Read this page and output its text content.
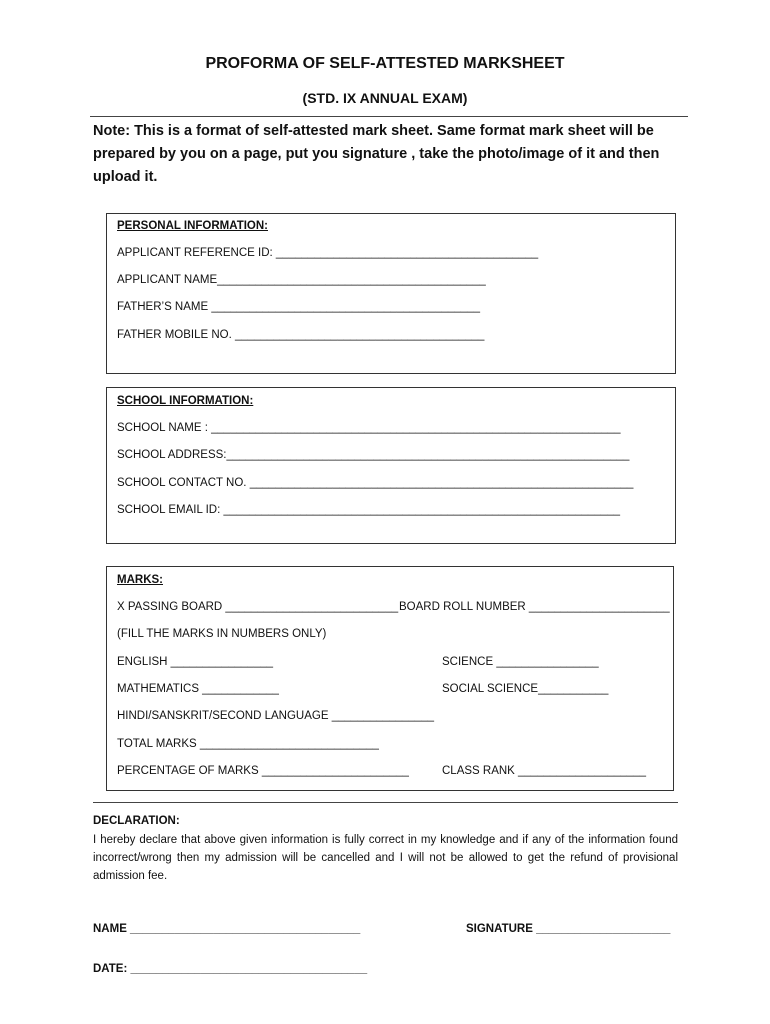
PROFORMA OF SELF-ATTESTED MARKSHEET
(STD. IX ANNUAL EXAM)
Note: This is a format of self-attested mark sheet. Same format mark sheet will be prepared by you on a page, put you signature , take the photo/image of it and then upload it.
PERSONAL INFORMATION:
APPLICANT REFERENCE ID: _________________________________________
APPLICANT NAME__________________________________________
FATHER’S NAME __________________________________________
FATHER MOBILE NO. _______________________________________
SCHOOL INFORMATION:
SCHOOL NAME : ________________________________________________________________
SCHOOL ADDRESS:_______________________________________________________________
SCHOOL CONTACT NO. ____________________________________________________________
SCHOOL EMAIL ID: ______________________________________________________________
MARKS:
X PASSING BOARD ___________________________ BOARD ROLL NUMBER ______________________
(FILL THE MARKS IN NUMBERS ONLY)
ENGLISH ________________	SCIENCE ________________
MATHEMATICS ____________	SOCIAL SCIENCE___________
HINDI/SANSKRIT/SECOND LANGUAGE ________________
TOTAL MARKS ____________________________
PERCENTAGE OF MARKS _______________________	CLASS RANK ____________________
DECLARATION:
I hereby declare that above given information is fully correct in my knowledge and if any of the information found incorrect/wrong then my admission will be cancelled and I will not be allowed to get the refund of provisional admission fee.
NAME ____________________________________	SIGNATURE _____________________
DATE: _____________________________________
